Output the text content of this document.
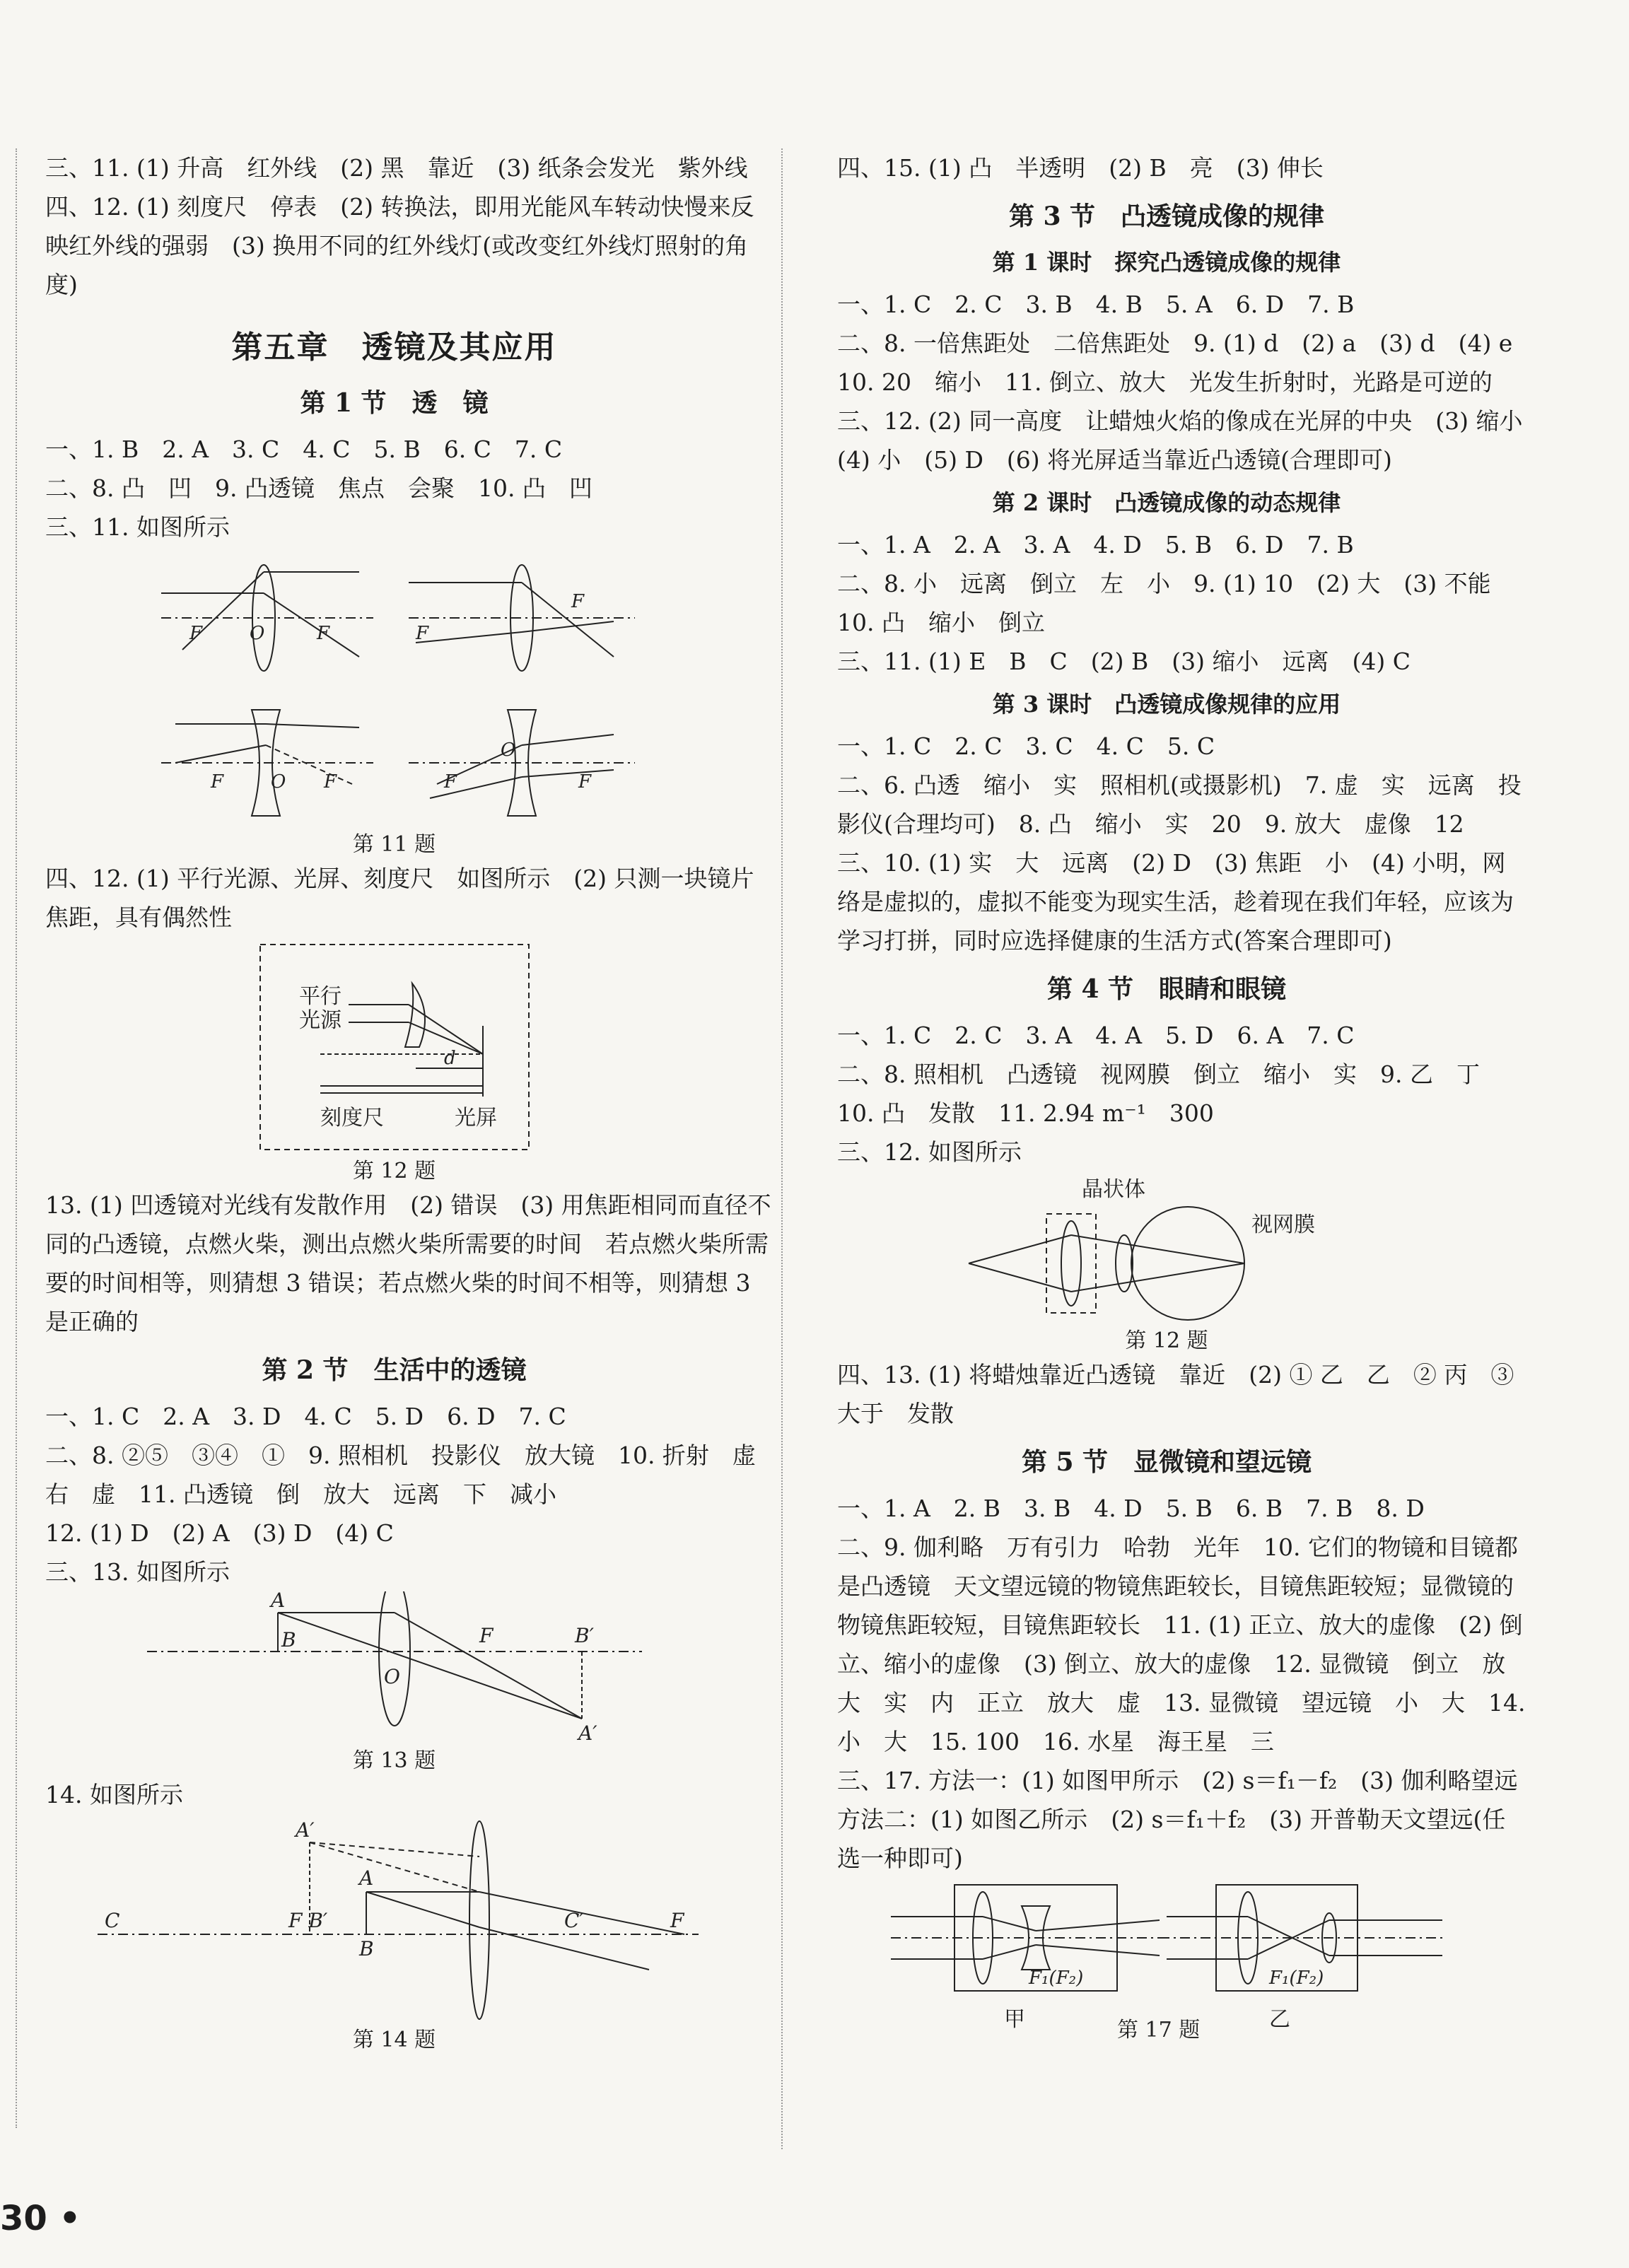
三、11. (1) 升高　红外线　(2) 黑　靠近　(3) 纸条会发光　紫外线

四、12. (1) 刻度尺　停表　(2) 转换法，即用光能风车转动快慢来反映红外线的强弱　(3) 换用不同的红外线灯(或改变红外线灯照射的角度)

第五章　透镜及其应用
第 1 节　透　镜

一、1. B　2. A　3. C　4. C　5. B　6. C　7. C

二、8. 凸　凹　9. 凸透镜　焦点　会聚　10. 凸　凹

三、11. 如图所示

F	O	F	F
F
F	O F	F
O
F
第 11 题

四、12. (1) 平行光源、光屏、刻度尺　如图所示　(2) 只测一块镜片焦距，具有偶然性

d
平行
光源
刻度尺	光屏
第 12 题

13. (1) 凹透镜对光线有发散作用　(2) 错误　(3) 用焦距相同而直径不同的凸透镜，点燃火柴，测出点燃火柴所需要的时间　若点燃火柴所需要的时间相等，则猜想 3 错误；若点燃火柴的时间不相等，则猜想 3 是正确的

第 2 节　生活中的透镜

一、1. C　2. A　3. D　4. C　5. D　6. D　7. C

二、8. ②⑤　③④　①　9. 照相机　投影仪　放大镜　10. 折射　虚　右　虚　11. 凸透镜　倒　放大　远离　下　减小

12. (1) D　(2) A　(3) D　(4) C

三、13. 如图所示

A
B
O
F	B′
A′
第 13 题

14. 如图所示

A′
A
B
C	F B′	C′	F
第 14 题

四、15. (1) 凸　半透明　(2) B　亮　(3) 伸长

第 3 节　凸透镜成像的规律
第 1 课时　探究凸透镜成像的规律

一、1. C　2. C　3. B　4. B　5. A　6. D　7. B

二、8. 一倍焦距处　二倍焦距处　9. (1) d　(2) a　(3) d　(4) e　10. 20　缩小　11. 倒立、放大　光发生折射时，光路是可逆的

三、12. (2) 同一高度　让蜡烛火焰的像成在光屏的中央　(3) 缩小　(4) 小　(5) D　(6) 将光屏适当靠近凸透镜(合理即可)

第 2 课时　凸透镜成像的动态规律

一、1. A　2. A　3. A　4. D　5. B　6. D　7. B

二、8. 小　远离　倒立　左　小　9. (1) 10　(2) 大　(3) 不能　10. 凸　缩小　倒立

三、11. (1) E　B　C　(2) B　(3) 缩小　远离　(4) C

第 3 课时　凸透镜成像规律的应用

一、1. C　2. C　3. C　4. C　5. C

二、6. 凸透　缩小　实　照相机(或摄影机)　7. 虚　实　远离　投影仪(合理均可)　8. 凸　缩小　实　20　9. 放大　虚像　12

三、10. (1) 实　大　远离　(2) D　(3) 焦距　小　(4) 小明，网络是虚拟的，虚拟不能变为现实生活，趁着现在我们年轻，应该为学习打拼，同时应选择健康的生活方式(答案合理即可)

第 4 节　眼睛和眼镜

一、1. C　2. C　3. A　4. A　5. D　6. A　7. C

二、8. 照相机　凸透镜　视网膜　倒立　缩小　实　9. 乙　丁　10. 凸　发散　11. 2.94 m⁻¹　300

三、12. 如图所示

晶状体
视网膜
第 12 题

四、13. (1) 将蜡烛靠近凸透镜　靠近　(2) ① 乙　乙　② 丙　③ 大于　发散

第 5 节　显微镜和望远镜

一、1. A　2. B　3. B　4. D　5. B　6. B　7. B　8. D

二、9. 伽利略　万有引力　哈勃　光年　10. 它们的物镜和目镜都是凸透镜　天文望远镜的物镜焦距较长，目镜焦距较短；显微镜的物镜焦距较短，目镜焦距较长　11. (1) 正立、放大的虚像　(2) 倒立、缩小的虚像　(3) 倒立、放大的虚像　12. 显微镜　倒立　放大　实　内　正立　放大　虚　13. 显微镜　望远镜　小　大　14. 小　大　15. 100　16. 水星　海王星　三

三、17. 方法一：(1) 如图甲所示　(2) s＝f₁－f₂　(3) 伽利略望远　方法二：(1) 如图乙所示　(2) s＝f₁＋f₂　(3) 开普勒天文望远(任选一种即可)

F₁(F₂)	F₁(F₂)
甲	乙
第 17 题
30 •
